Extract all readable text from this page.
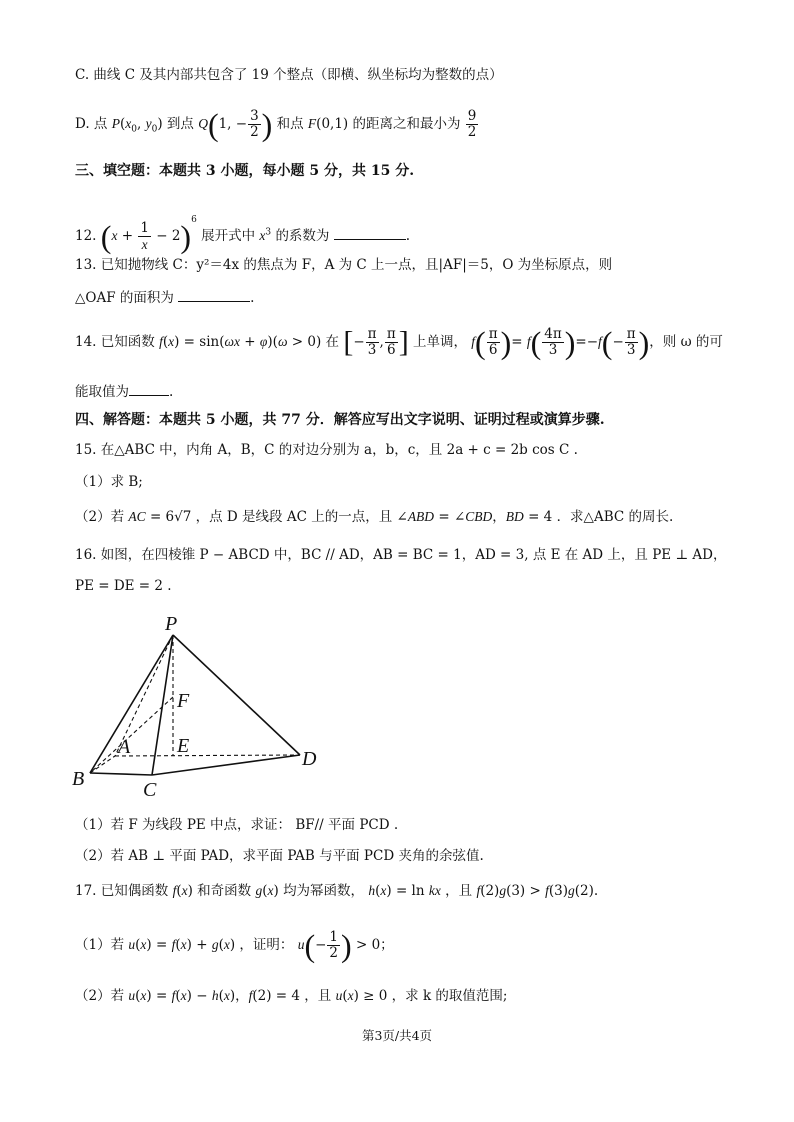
C. 曲线 C 及其内部共包含了 19 个整点（即横、纵坐标均为整数的点）
D. 点 $P(x_0$, $y_0$) 到点 Q(1, − $\frac{3}{2}$ ) 和点 F(0,1) 的距离之和最小为 $\frac{9}{2}$
三、填空题：本题共 3 小题，每小题 5 分，共 15 分.
12. $(x + \frac{1}{x} - 2)^6$ 展开式中 $x^3$ 的系数为	.
13. 已知抛物线 C：y²＝4x 的焦点为 F，A 为 C 上一点，且|AF|＝5，O 为坐标原点，则
△OAF 的面积为	.
14. 已知函数 f(x) = sin(ωx + φ)(ω > 0) 在 [− $\frac{\pi}{3}$ , $\frac{\pi}{6}$ ] 上单调， $f( \frac{\pi}{6}$ )= $f( \frac{4\pi}{3} )=-f(- \frac{\pi}{3}$ )，则 ω 的可
能取值为	.
四、解答题：本题共 5 小题，共 77 分．解答应写出文字说明、证明过程或演算步骤.
15. 在△ABC 中，内角 A，B，C 的对边分别为 a，b，c，且 2a + c = 2b cos C .
（1）求 B;
（2）若 AC = 6√7 ，点 D 是线段 AC 上的一点，且 ∠ABD = ∠CBD，BD = 4 ．求△ABC 的周长.
16. 如图，在四棱锥 P − ABCD 中，BC // AD，AB = BC = 1，AD = 3, 点 E 在 AD 上，且 PE ⊥ AD，
PE = DE = 2 .
P
F
A E
B	C
D
（1）若 F 为线段 PE 中点，求证： BF// 平面 PCD .
（2）若 AB ⊥ 平面 PAD，求平面 PAB 与平面 PCD 夹角的余弦值.
17. 已知偶函数 f(x) 和奇函数 g(x) 均为幂函数， h(x) = ln kx ，且 f(2)g(3) > f(3)g(2).
（1）若 u(x) = f(x) + g(x) ，证明： $u(- \frac{1}{2}$ ) > 0；
（2）若 u(x) = f(x) − h(x)，f(2) = 4 ，且 u(x) ≥ 0 ，求 k 的取值范围;
第3页/共4页
